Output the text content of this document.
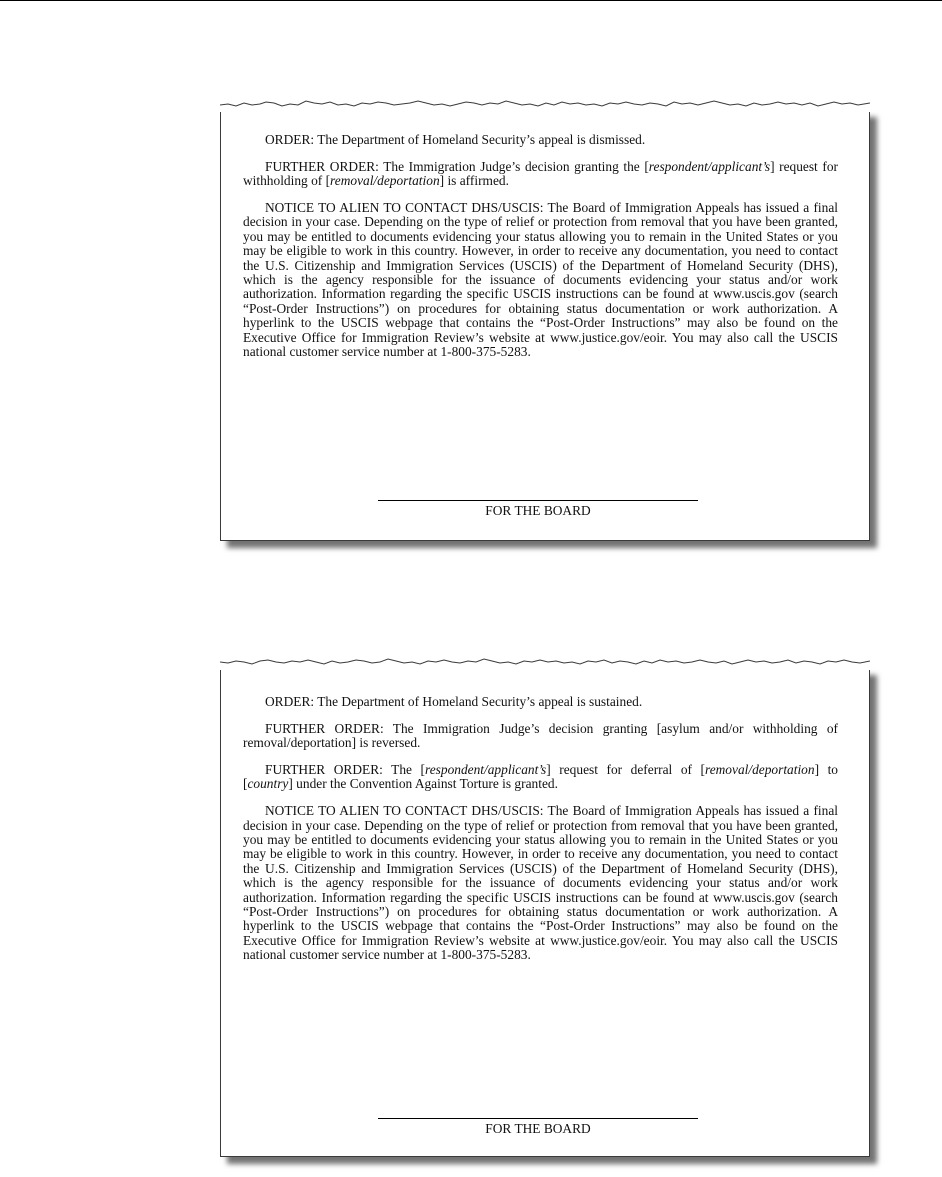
ORDER: The Department of Homeland Security’s appeal is dismissed.

FURTHER ORDER: The Immigration Judge’s decision granting the [respondent/applicant’s] request for withholding of [removal/deportation] is affirmed.

NOTICE TO ALIEN TO CONTACT DHS/USCIS: The Board of Immigration Appeals has issued a final decision in your case. Depending on the type of relief or protection from removal that you have been granted, you may be entitled to documents evidencing your status allowing you to remain in the United States or you may be eligible to work in this country. However, in order to receive any documentation, you need to contact the U.S. Citizenship and Immigration Services (USCIS) of the Department of Homeland Security (DHS), which is the agency responsible for the issuance of documents evidencing your status and/or work authorization. Information regarding the specific USCIS instructions can be found at www.uscis.gov (search “Post-Order Instructions”) on procedures for obtaining status documentation or work authorization. A hyperlink to the USCIS webpage that contains the “Post-Order Instructions” may also be found on the Executive Office for Immigration Review’s website at www.justice.gov/eoir. You may also call the USCIS national customer service number at 1-800-375-5283.

FOR THE BOARD

ORDER: The Department of Homeland Security’s appeal is sustained.

FURTHER ORDER: The Immigration Judge’s decision granting [asylum and/or withholding of removal/deportation] is reversed.

FURTHER ORDER: The [respondent/applicant’s] request for deferral of [removal/deportation] to [country] under the Convention Against Torture is granted.

NOTICE TO ALIEN TO CONTACT DHS/USCIS: The Board of Immigration Appeals has issued a final decision in your case. Depending on the type of relief or protection from removal that you have been granted, you may be entitled to documents evidencing your status allowing you to remain in the United States or you may be eligible to work in this country. However, in order to receive any documentation, you need to contact the U.S. Citizenship and Immigration Services (USCIS) of the Department of Homeland Security (DHS), which is the agency responsible for the issuance of documents evidencing your status and/or work authorization. Information regarding the specific USCIS instructions can be found at www.uscis.gov (search “Post-Order Instructions”) on procedures for obtaining status documentation or work authorization. A hyperlink to the USCIS webpage that contains the “Post-Order Instructions” may also be found on the Executive Office for Immigration Review’s website at www.justice.gov/eoir. You may also call the USCIS national customer service number at 1-800-375-5283.

FOR THE BOARD
